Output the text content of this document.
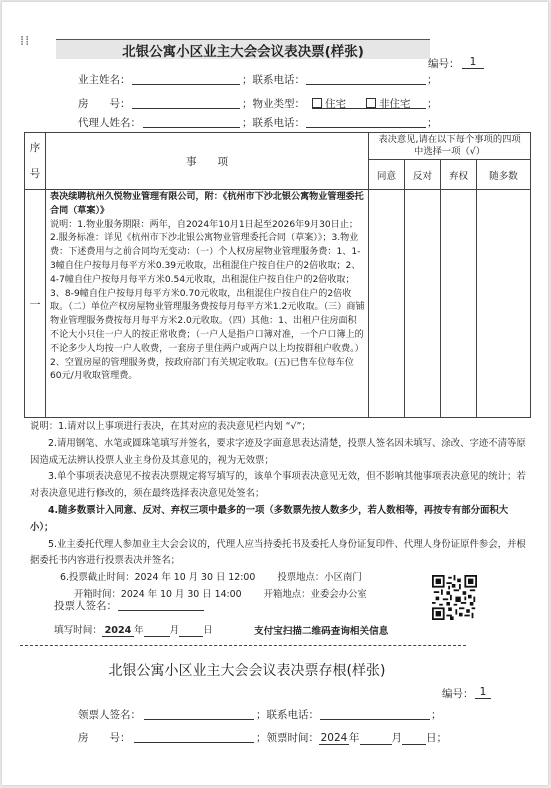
⁞⁞
北银公寓小区业主大会会议表决票(样张)
编号： 1
业主姓名：	；联系电话：	；
房　　号：	；物业类型：	住宅	非住宅 ；
代理人姓名：	；联系电话：	；
序
号	事　　项	表决意见,请在以下每个事项的四项中选择一项（√）			
		同意	反对	弃权	随多数
一	表决续聘杭州久悦物业管理有限公司，附：《杭州市下沙北银公寓物业管理委托合同（草案）》
说明：1.物业服务期限：两年，自2024年10月1日起至2026年9月30日止；2.服务标准：详见《杭州市下沙北银公寓物业管理委托合同（草案）》；3.物业费：下述费用与之前合同均无变动：（一）个人权房屋物业管理服务费：1、1-3幢自住户按每月每平方米0.39元收取，出租混住户按自住户的2倍收取；2、4-7幢自住户按每月每平方米0.54元收取，出租混住户按自住户的2倍收取；3、8-9幢自住户按每月每平方米0.70元收取，出租混住户按自住户的2倍收取。（二）单位产权房屋物业管理服务费按每月每平方米1.2元收取。（三）商铺物业管理服务费按每月每平方米2.0元收取。（四）其他：1、出租户住房面积不论大小只住一户人的按正常收费；（一户人是指户口簿对准，一个户口簿上的不论多少人均按一户人收费，一套房子里住两户或两户以上均按群租户收费。）2、空置房屋的管理服务费，按政府部门有关规定收取。(五)已售车位每车位60元/月收取管理费。				

说明：1.请对以上事项进行表决，在其对应的表决意见栏内划 “√”；

2.请用钢笔、水笔或圆珠笔填写并签名，要求字迹及字面意思表达清楚，投票人签名因未填写、涂改、字迹不清等原因造成无法辨认投票人业主身份及其意见的，视为无效票；

3.单个事项表决意见不按表决票规定将写填写的，该单个事项表决意见无效，但不影响其他事项表决意见的统计；若对表决意见进行修改的，须在最终选择表决意见处签名；

4.随多数票计入同意、反对、弃权三项中最多的一项（多数票先按人数多少，若人数相等，再按专有部分面积大小）；

5.业主委托代理人参加业主大会会议的，代理人应当持委托书及委托人身份证复印件、代理人身份证原件参会，并根据委托书内容进行投票表决并签名；

6.投票截止时间：2024 年 10 月 30 日 12:00 投票地点：小区南门

开箱时间：2024 年 10 月 30 日 14:00 开箱地点：业委会办公室

投票人签名：
填写时间： 2024 年	月	日	支付宝扫描二维码查询相关信息
北银公寓小区业主大会会议表决票存根(样张)
编号： 1
领票人签名：	；联系电话：	；
房　　号：	；领票时间： 2024 年	月 日；
